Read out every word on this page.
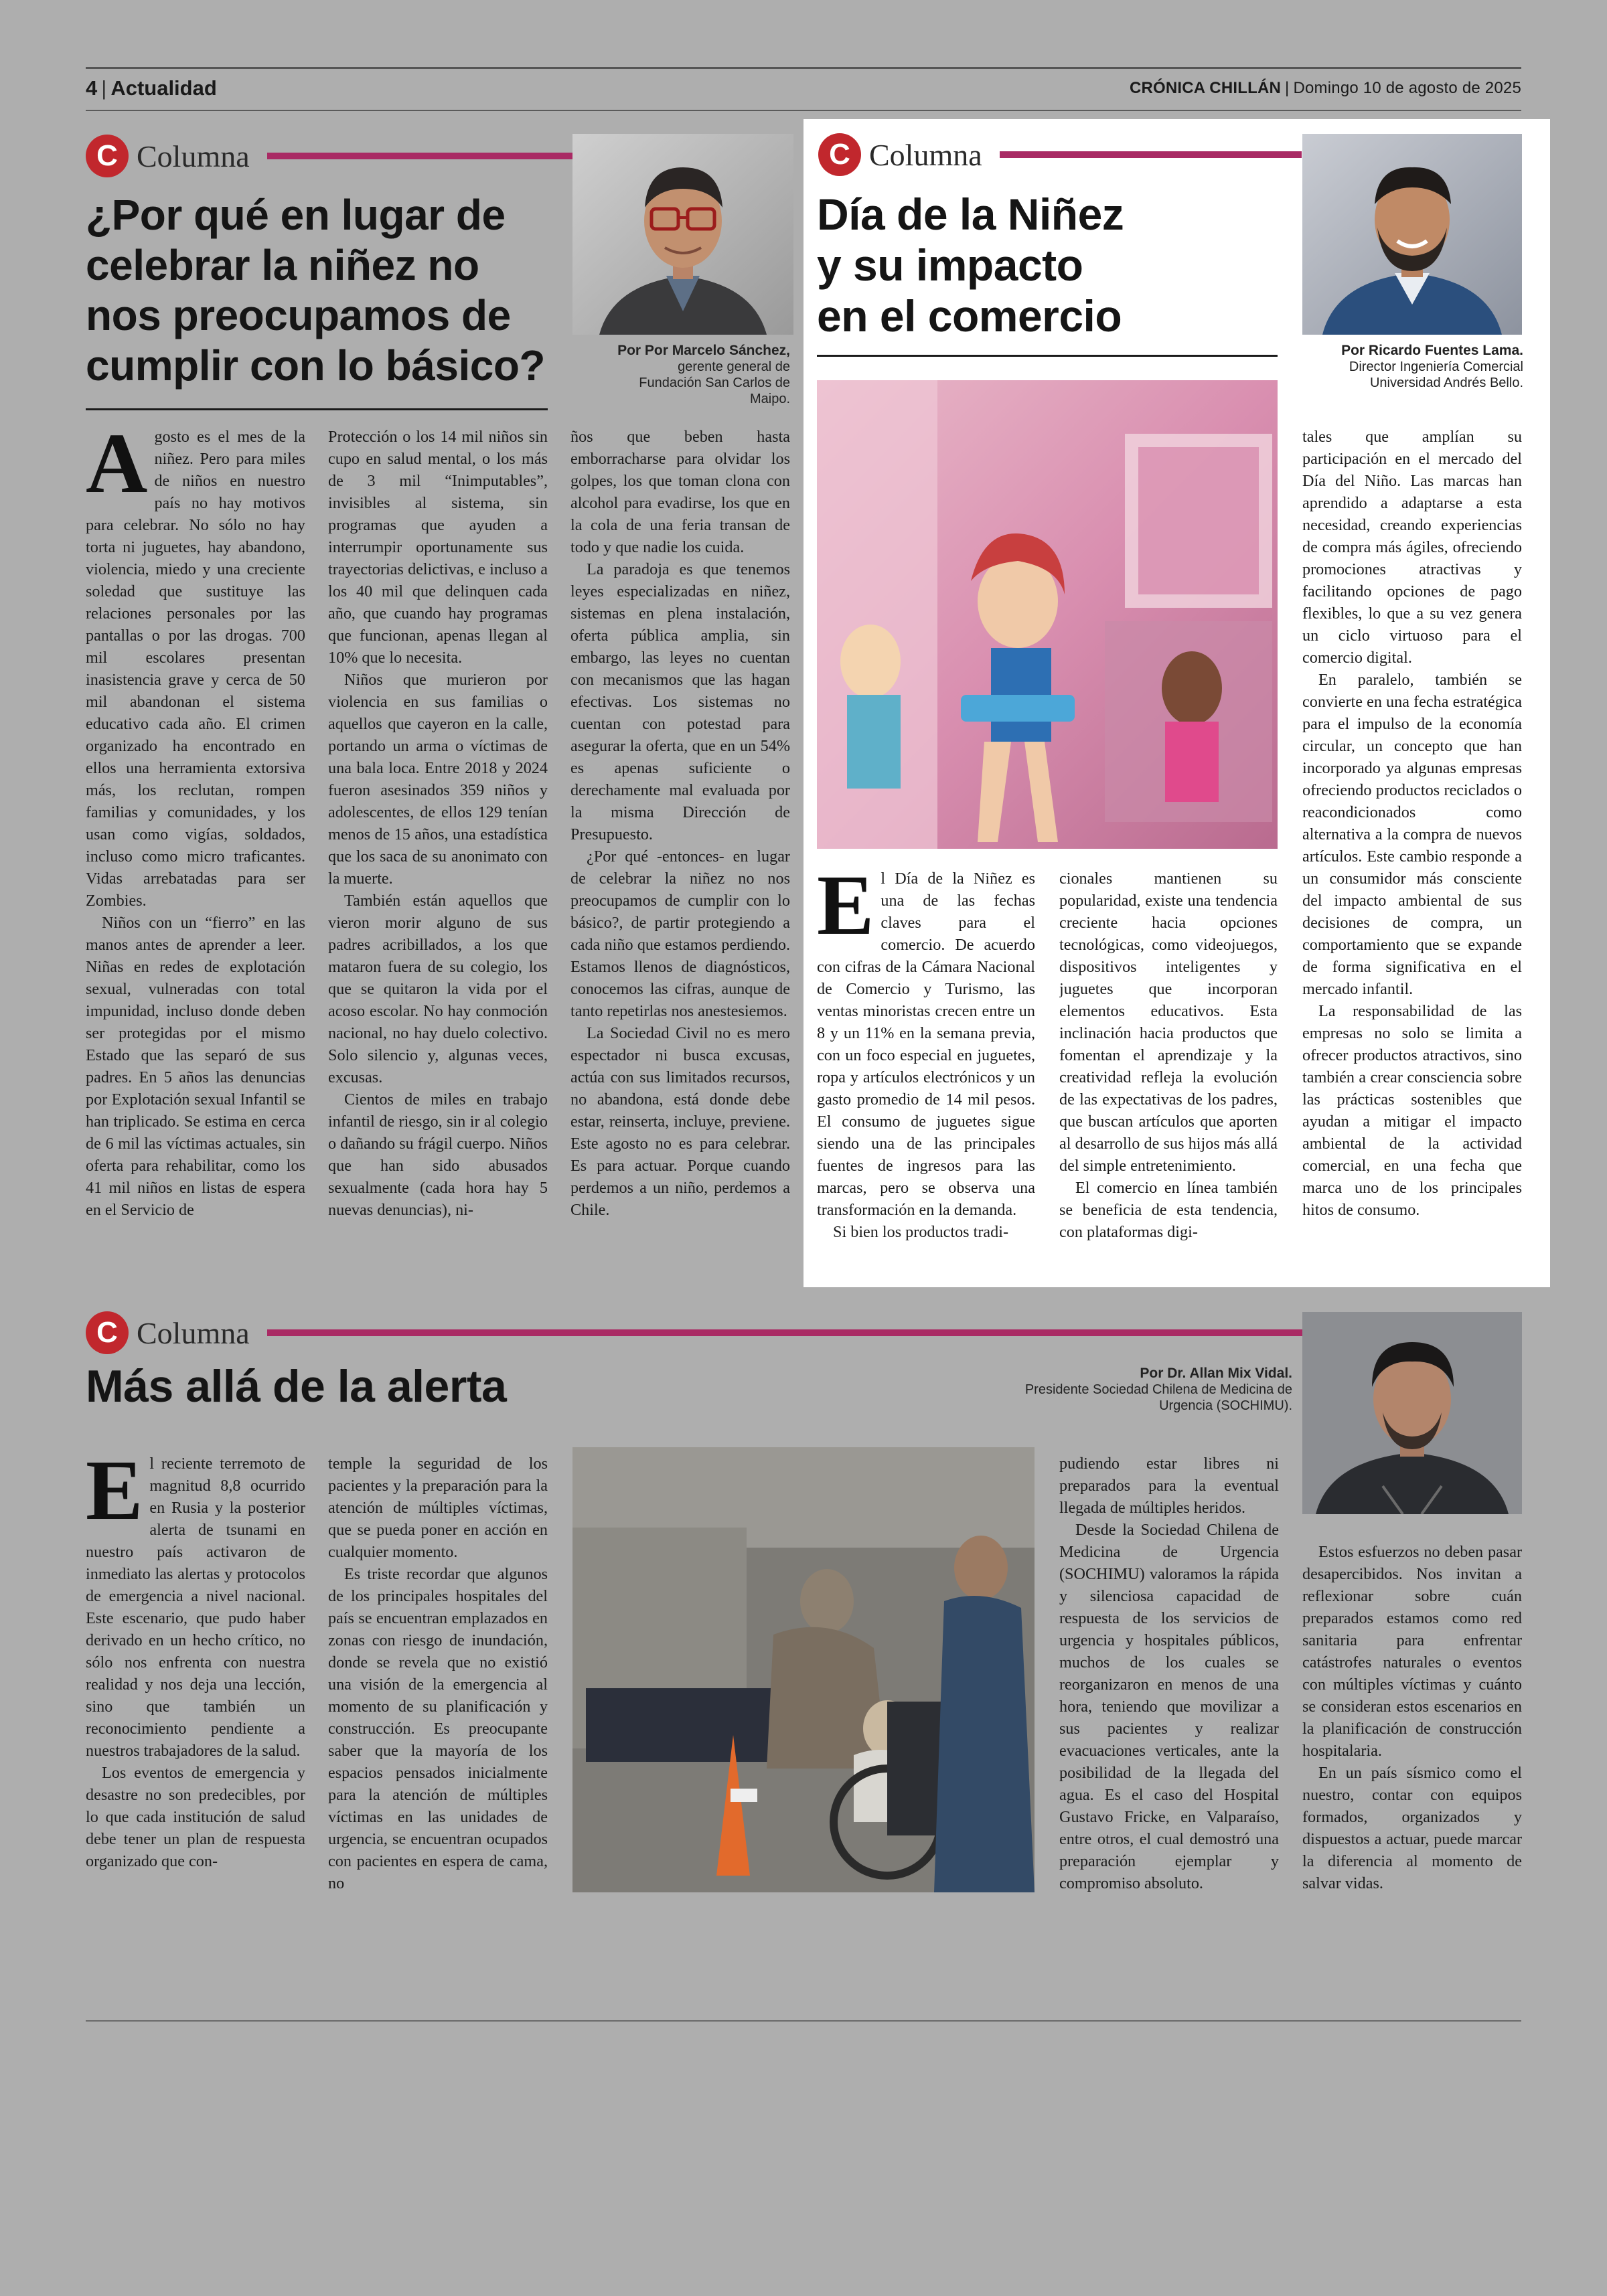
4 | Actualidad	CRÓNICA CHILLÁN | Domingo 10 de agosto de 2025
C Columna
¿Por qué en lugar de
celebrar la niñez no
nos preocupamos de
cumplir con lo básico?	Por Por Marcelo Sánchez,
gerente general de
Fundación San Carlos de
Maipo.

Agosto es el mes de la niñez. Pero para miles de niños en nuestro país no hay motivos para celebrar. No sólo no hay torta ni juguetes, hay abandono, violencia, miedo y una creciente soledad que sustituye las relaciones personales por las pantallas o por las drogas. 700 mil escolares presentan inasistencia grave y cerca de 50 mil abandonan el sistema educativo cada año. El crimen organizado ha encontrado en ellos una herramienta extorsiva más, los reclutan, rompen familias y comunidades, y los usan como vigías, soldados, incluso como micro traficantes. Vidas arrebatadas para ser Zombies.

Niños con un “fierro” en las manos antes de aprender a leer. Niñas en redes de explotación sexual, vulneradas con total impunidad, incluso donde deben ser protegidas por el mismo Estado que las separó de sus padres. En 5 años las denuncias por Explotación sexual Infantil se han triplicado. Se estima en cerca de 6 mil las víctimas actuales, sin oferta para rehabilitar, como los 41 mil niños en listas de espera en el Servicio de

Protección o los 14 mil niños sin cupo en salud mental, o los más de 3 mil “Inimputables”, invisibles al sistema, sin programas que ayuden a interrumpir oportunamente sus trayectorias delictivas, e incluso a los 40 mil que delinquen cada año, que cuando hay programas que funcionan, apenas llegan al 10% que lo necesita.

Niños que murieron por violencia en sus familias o aquellos que cayeron en la calle, portando un arma o víctimas de una bala loca. Entre 2018 y 2024 fueron asesinados 359 niños y adolescentes, de ellos 129 tenían menos de 15 años, una estadística que los saca de su anonimato con la muerte.

También están aquellos que vieron morir alguno de sus padres acribillados, a los que mataron fuera de su colegio, los que se quitaron la vida por el acoso escolar. No hay conmoción nacional, no hay duelo colectivo. Solo silencio y, algunas veces, excusas.

Cientos de miles en trabajo infantil de riesgo, sin ir al colegio o dañando su frágil cuerpo. Niños que han sido abusados sexualmente (cada hora hay 5 nuevas denuncias), ni-

ños que beben hasta emborracharse para olvidar los golpes, los que toman clona con alcohol para evadirse, los que en la cola de una feria transan de todo y que nadie los cuida.

La paradoja es que tenemos leyes especializadas en niñez, sistemas en plena instalación, oferta pública amplia, sin embargo, las leyes no cuentan con mecanismos que las hagan efectivas. Los sistemas no cuentan con potestad para asegurar la oferta, que en un 54% es apenas suficiente o derechamente mal evaluada por la misma Dirección de Presupuesto.

¿Por qué -entonces- en lugar de celebrar la niñez no nos preocupamos de cumplir con lo básico?, de partir protegiendo a cada niño que estamos perdiendo. Estamos llenos de diagnósticos, conocemos las cifras, aunque de tanto repetirlas nos anestesiemos.

La Sociedad Civil no es mero espectador ni busca excusas, actúa con sus limitados recursos, no abandona, está donde debe estar, reinserta, incluye, previene. Este agosto no es para celebrar. Es para actuar. Porque cuando perdemos a un niño, perdemos a Chile.

C Columna
Día de la Niñez
y su impacto
en el comercio
Por Ricardo Fuentes Lama.
Director Ingeniería Comercial
Universidad Andrés Bello.

El Día de la Niñez es una de las fechas claves para el comercio. De acuerdo con cifras de la Cámara Nacional de Comercio y Turismo, las ventas minoristas crecen entre un 8 y un 11% en la semana previa, con un foco especial en juguetes, ropa y artículos electrónicos y un gasto promedio de 14 mil pesos. El consumo de juguetes sigue siendo una de las principales fuentes de ingresos para las marcas, pero se observa una transformación en la demanda.

Si bien los productos tradi-

cionales mantienen su popularidad, existe una tendencia creciente hacia opciones tecnológicas, como videojuegos, dispositivos inteligentes y juguetes que incorporan elementos educativos. Esta inclinación hacia productos que fomentan el aprendizaje y la creatividad refleja la evolución de las expectativas de los padres, que buscan artículos que aporten al desarrollo de sus hijos más allá del simple entretenimiento.

El comercio en línea también se beneficia de esta tendencia, con plataformas digi-

tales que amplían su participación en el mercado del Día del Niño. Las marcas han aprendido a adaptarse a esta necesidad, creando experiencias de compra más ágiles, ofreciendo promociones atractivas y facilitando opciones de pago flexibles, lo que a su vez genera un ciclo virtuoso para el comercio digital.

En paralelo, también se convierte en una fecha estratégica para el impulso de la economía circular, un concepto que han incorporado ya algunas empresas ofreciendo productos reciclados o reacondicionados como alternativa a la compra de nuevos artículos. Este cambio responde a un consumidor más consciente del impacto ambiental de sus decisiones de compra, un comportamiento que se expande de forma significativa en el mercado infantil.

La responsabilidad de las empresas no solo se limita a ofrecer productos atractivos, sino también a crear consciencia sobre las prácticas sostenibles que ayudan a mitigar el impacto ambiental de la actividad comercial, en una fecha que marca uno de los principales hitos de consumo.

C Columna
Más allá de la alerta	Por Dr. Allan Mix Vidal.
Presidente Sociedad Chilena de Medicina de
Urgencia (SOCHIMU).

El reciente terremoto de magnitud 8,8 ocurrido en Rusia y la posterior alerta de tsunami en nuestro país activaron de inmediato las alertas y protocolos de emergencia a nivel nacional. Este escenario, que pudo haber derivado en un hecho crítico, no sólo nos enfrenta con nuestra realidad y nos deja una lección, sino que también un reconocimiento pendiente a nuestros trabajadores de la salud.

Los eventos de emergencia y desastre no son predecibles, por lo que cada institución de salud debe tener un plan de respuesta organizado que con-

temple la seguridad de los pacientes y la preparación para la atención de múltiples víctimas, que se pueda poner en acción en cualquier momento.

Es triste recordar que algunos de los principales hospitales del país se encuentran emplazados en zonas con riesgo de inundación, donde se revela que no existió una visión de la emergencia al momento de su planificación y construcción. Es preocupante saber que la mayoría de los espacios pensados inicialmente para la atención de múltiples víctimas en las unidades de urgencia, se encuentran ocupados con pacientes en espera de cama, no

pudiendo estar libres ni preparados para la eventual llegada de múltiples heridos.

Desde la Sociedad Chilena de Medicina de Urgencia (SOCHIMU) valoramos la rápida y silenciosa capacidad de respuesta de los servicios de urgencia y hospitales públicos, muchos de los cuales se reorganizaron en menos de una hora, teniendo que movilizar a sus pacientes y realizar evacuaciones verticales, ante la posibilidad de la llegada del agua. Es el caso del Hospital Gustavo Fricke, en Valparaíso, entre otros, el cual demostró una preparación ejemplar y compromiso absoluto.

Estos esfuerzos no deben pasar desapercibidos. Nos invitan a reflexionar sobre cuán preparados estamos como red sanitaria para enfrentar catástrofes naturales o eventos con múltiples víctimas y cuánto se consideran estos escenarios en la planificación de construcción hospitalaria.

En un país sísmico como el nuestro, contar con equipos formados, organizados y dispuestos a actuar, puede marcar la diferencia al momento de salvar vidas.
